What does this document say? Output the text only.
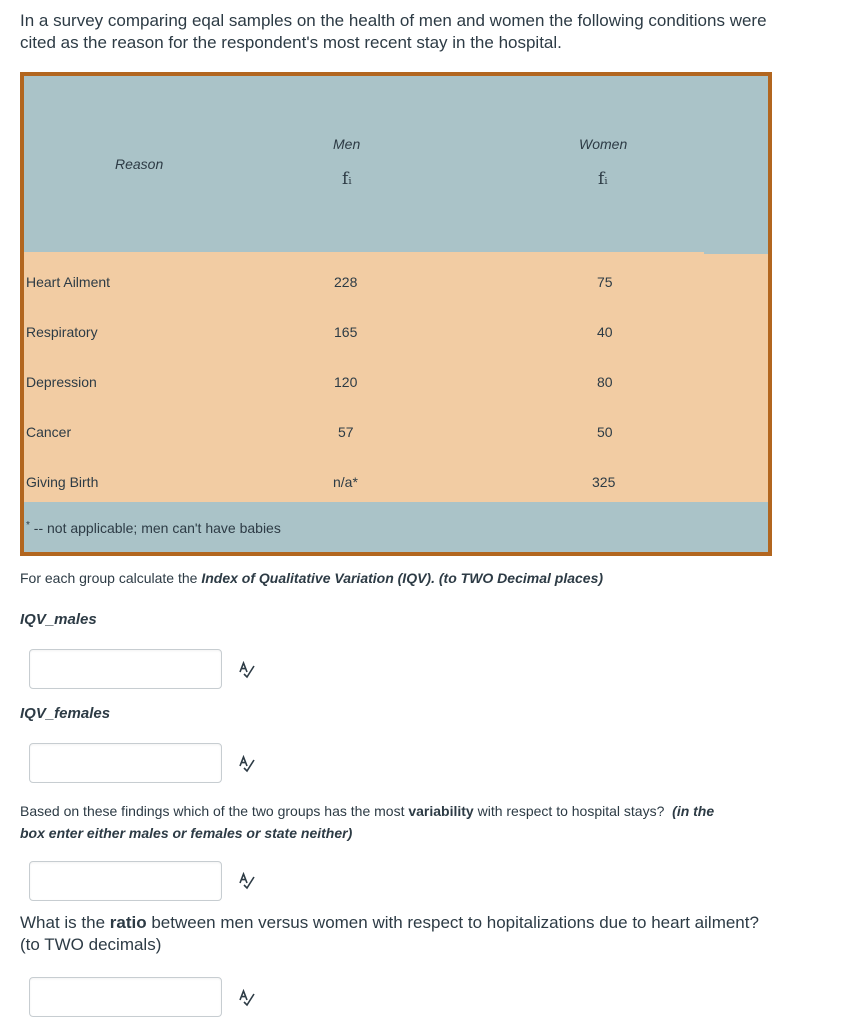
In a survey comparing eqal samples on the health of men and women the following conditions were cited as the reason for the respondent's most recent stay in the hospital.

Reason
Men	Women
fᵢ	fᵢ
Heart Ailment	228	75
Respiratory	165	40
Depression	120	80
Cancer	57	50
Giving Birth	n/a*	325
* -- not applicable; men can't have babies

For each group calculate the Index of Qualitative Variation (IQV). (to TWO Decimal places)

IQV_males
IQV_females

Based on these findings which of the two groups has the most variability with respect to hospital stays? (in the box enter either males or females or state neither)

What is the ratio between men versus women with respect to hopitalizations due to heart ailment? (to TWO decimals)
